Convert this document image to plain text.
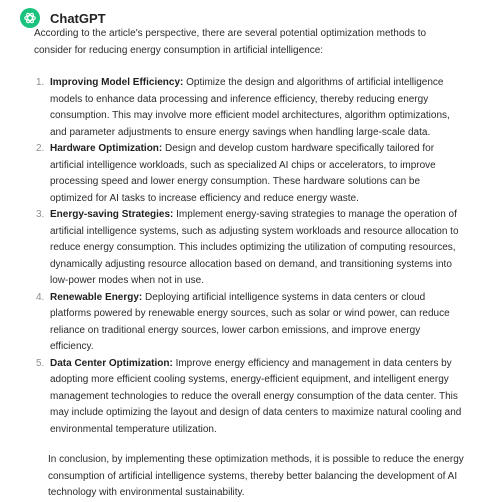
ChatGPT

According to the article's perspective, there are several potential optimization methods to consider for reducing energy consumption in artificial intelligence:

1. Improving Model Efficiency: Optimize the design and algorithms of artificial intelligence models to enhance data processing and inference efficiency, thereby reducing energy consumption. This may involve more efficient model architectures, algorithm optimizations, and parameter adjustments to ensure energy savings when handling large-scale data.
2. Hardware Optimization: Design and develop custom hardware specifically tailored for artificial intelligence workloads, such as specialized AI chips or accelerators, to improve processing speed and lower energy consumption. These hardware solutions can be optimized for AI tasks to increase efficiency and reduce energy waste.
3. Energy-saving Strategies: Implement energy-saving strategies to manage the operation of artificial intelligence systems, such as adjusting system workloads and resource allocation to reduce energy consumption. This includes optimizing the utilization of computing resources, dynamically adjusting resource allocation based on demand, and transitioning systems into low-power modes when not in use.
4. Renewable Energy: Deploying artificial intelligence systems in data centers or cloud platforms powered by renewable energy sources, such as solar or wind power, can reduce reliance on traditional energy sources, lower carbon emissions, and improve energy efficiency.
5. Data Center Optimization: Improve energy efficiency and management in data centers by adopting more efficient cooling systems, energy-efficient equipment, and intelligent energy management technologies to reduce the overall energy consumption of the data center. This may include optimizing the layout and design of data centers to maximize natural cooling and environmental temperature utilization.

In conclusion, by implementing these optimization methods, it is possible to reduce the energy consumption of artificial intelligence systems, thereby better balancing the development of AI technology with environmental sustainability.
